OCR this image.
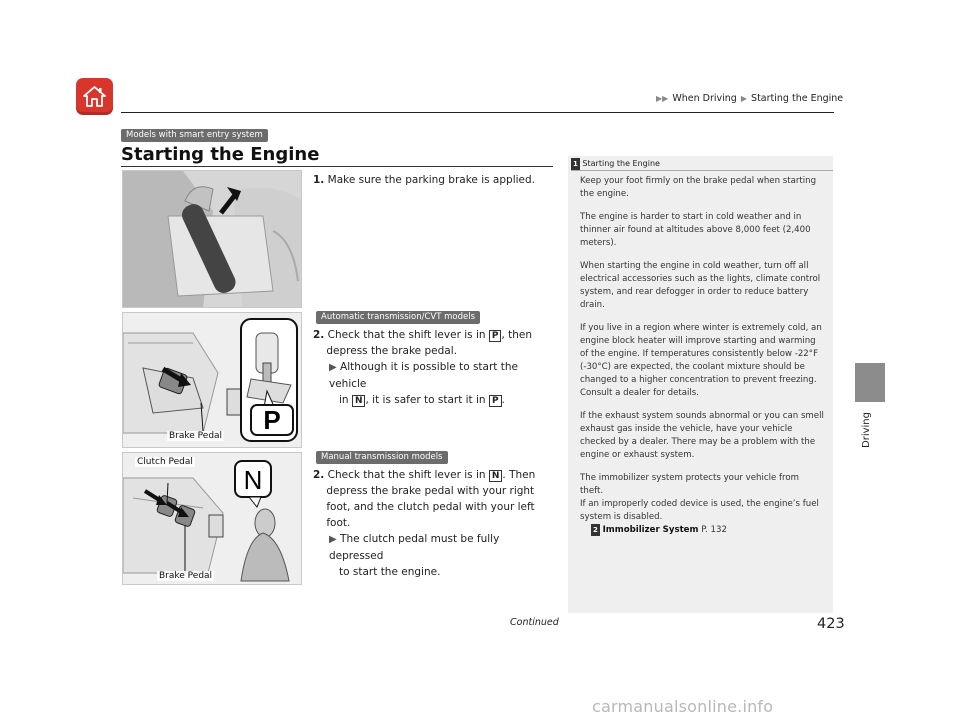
▶▶ When Driving ▶ Starting the Engine
Driving
Models with smart entry system
Starting the Engine
P
Brake Pedal
1. Make sure the parking brake is applied.
Automatic transmission/CVT models
2. Check that the shift lever is in P , then
depress the brake pedal.
▶ Although it is possible to start the vehicle
in N , it is safer to start it in P .
Manual transmission models
2. Check that the shift lever is in N . Then
depress the brake pedal with your right
foot, and the clutch pedal with your left
foot.
▶ The clutch pedal must be fully depressed
to start the engine.
N
Clutch Pedal
Brake Pedal
1 Starting the Engine

Keep your foot firmly on the brake pedal when starting the engine.

The engine is harder to start in cold weather and in thinner air found at altitudes above 8,000 feet (2,400 meters).

When starting the engine in cold weather, turn off all electrical accessories such as the lights, climate control system, and rear defogger in order to reduce battery drain.

If you live in a region where winter is extremely cold, an engine block heater will improve starting and warming of the engine. If temperatures consistently below -22°F (-30°C) are expected, the coolant mixture should be changed to a higher concentration to prevent freezing. Consult a dealer for details.

If the exhaust system sounds abnormal or you can smell exhaust gas inside the vehicle, have your vehicle checked by a dealer. There may be a problem with the engine or exhaust system.

The immobilizer system protects your vehicle from theft.

If an improperly coded device is used, the engine’s fuel system is disabled.

2 Immobilizer System P. 132
Continued	423
carmanualsonline.info
